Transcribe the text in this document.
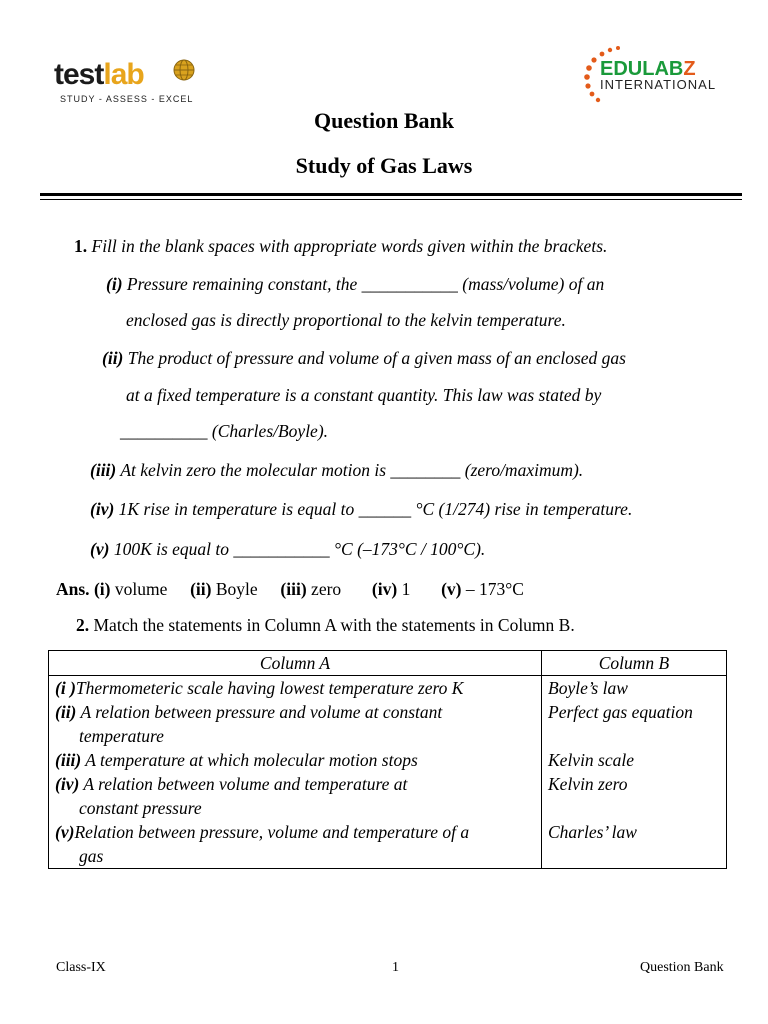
testlab
STUDY - ASSESS - EXCEL
EDULABZ
INTERNATIONAL
Question Bank
Study of Gas Laws
1. Fill in the blank spaces with appropriate words given within the brackets.
(i) Pressure remaining constant, the ___________ (mass/volume) of an
enclosed gas is directly proportional to the kelvin temperature.
(ii) The product of pressure and volume of a given mass of an enclosed gas
at a fixed temperature is a constant quantity. This law was stated by
__________ (Charles/Boyle).
(iii) At kelvin zero the molecular motion is ________ (zero/maximum).
(iv) 1K rise in temperature is equal to ______ °C (1/274) rise in temperature.
(v) 100K is equal to ___________ °C (–173°C / 100°C).
Ans. (i) volume (ii) Boyle (iii) zero (iv) 1 (v) – 173°C
2. Match the statements in Column A with the statements in Column B.
Column A	Column B
(i )Thermometeric scale having lowest temperature zero K	Boyle’s law
(ii) A relation between pressure and volume at constant
temperature	Perfect gas equation
(iii) A temperature at which molecular motion stops	Kelvin scale
(iv) A relation between volume and temperature at
constant pressure	Kelvin zero
(v)Relation between pressure, volume and temperature of a
gas	Charles’ law
Class-IX	1	Question Bank
